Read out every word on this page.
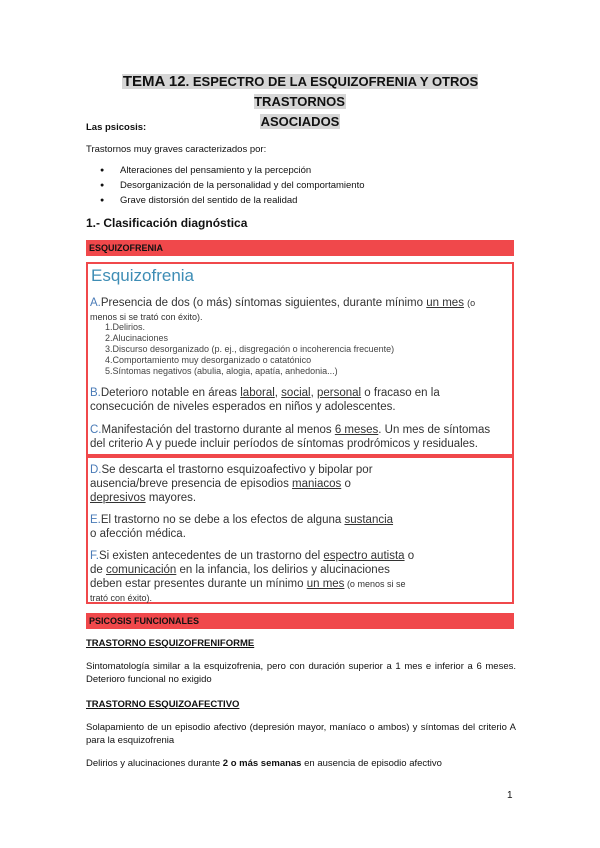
TEMA 12. ESPECTRO DE LA ESQUIZOFRENIA Y OTROS TRASTORNOS
ASOCIADOS
Las psicosis:
Trastornos muy graves caracterizados por:
● Alteraciones del pensamiento y la percepción
● Desorganización de la personalidad y del comportamiento
● Grave distorsión del sentido de la realidad
1.- Clasificación diagnóstica
ESQUIZOFRENIA
Esquizofrenia
A.Presencia de dos (o más) síntomas siguientes, durante mínimo un mes (o menos si se trató con éxito).
1.Delirios.
2.Alucinaciones
3.Discurso desorganizado (p. ej., disgregación o incoherencia frecuente)
4.Comportamiento muy desorganizado o catatónico
5.Síntomas negativos (abulia, alogia, apatía, anhedonia...)
B.Deterioro notable en áreas laboral, social, personal o fracaso en la consecución de niveles esperados en niños y adolescentes.
C.Manifestación del trastorno durante al menos 6 meses. Un mes de síntomas del criterio A y puede incluir períodos de síntomas prodrómicos y residuales.
D.Se descarta el trastorno esquizoafectivo y bipolar por ausencia/breve presencia de episodios maniacos o depresivos mayores.
E.El trastorno no se debe a los efectos de alguna sustancia o afección médica.
F.Si existen antecedentes de un trastorno del espectro autista o de comunicación en la infancia, los delirios y alucinaciones deben estar presentes durante un mínimo un mes (o menos si se trató con éxito).
PSICOSIS FUNCIONALES
TRASTORNO ESQUIZOFRENIFORME
Sintomatología similar a la esquizofrenia, pero con duración superior a 1 mes e inferior a 6 meses. Deterioro funcional no exigido
TRASTORNO ESQUIZOAFECTIVO
Solapamiento de un episodio afectivo (depresión mayor, maníaco o ambos) y síntomas del criterio A para la esquizofrenia
Delirios y alucinaciones durante 2 o más semanas en ausencia de episodio afectivo
1
